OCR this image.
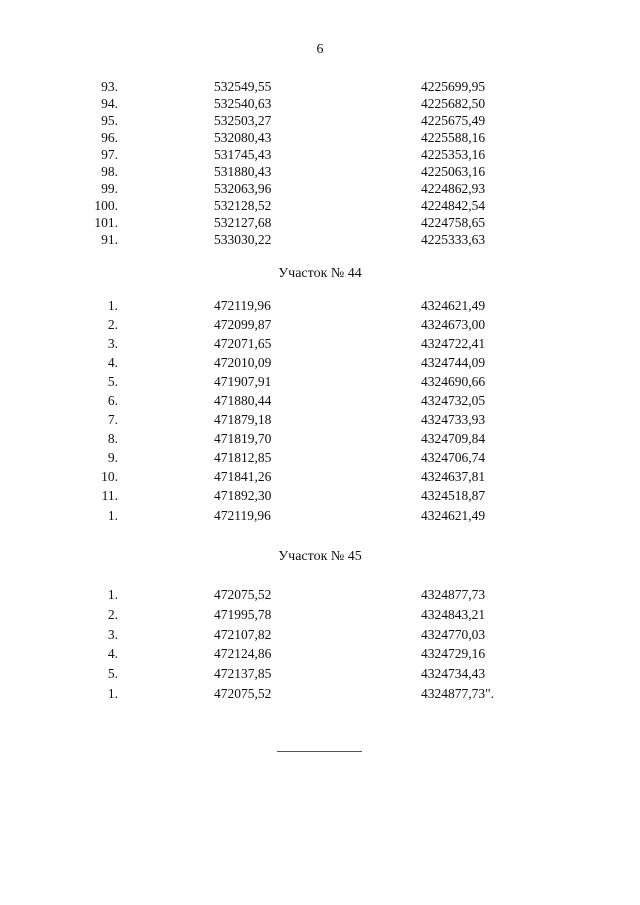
6
93.	532549,55	4225699,95
94.	532540,63	4225682,50
95.	532503,27	4225675,49
96.	532080,43	4225588,16
97.	531745,43	4225353,16
98.	531880,43	4225063,16
99.	532063,96	4224862,93
100.	532128,52	4224842,54
101.	532127,68	4224758,65
91.	533030,22	4225333,63
Участок № 44
1.	472119,96	4324621,49
2.	472099,87	4324673,00
3.	472071,65	4324722,41
4.	472010,09	4324744,09
5.	471907,91	4324690,66
6.	471880,44	4324732,05
7.	471879,18	4324733,93
8.	471819,70	4324709,84
9.	471812,85	4324706,74
10.	471841,26	4324637,81
11.	471892,30	4324518,87
1.	472119,96	4324621,49
Участок № 45
1.	472075,52	4324877,73
2.	471995,78	4324843,21
3.	472107,82	4324770,03
4.	472124,86	4324729,16
5.	472137,85	4324734,43
1.	472075,52	4324877,73".
